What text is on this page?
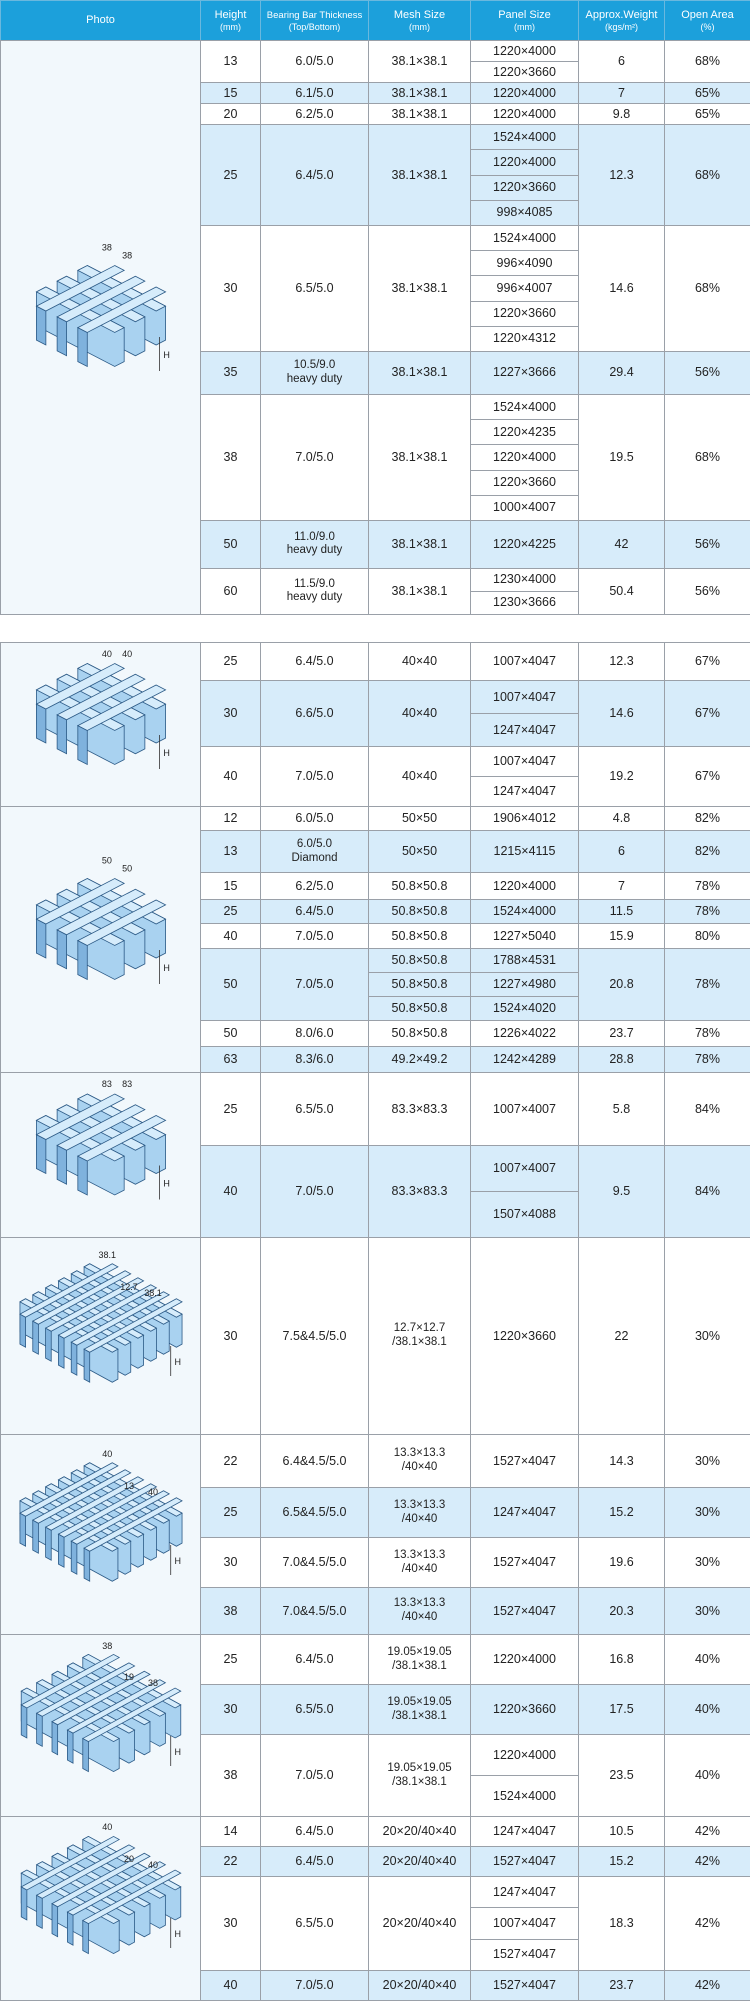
Photo	Height
(mm)
	Bearing Bar Thickness
(Top/Bottom)
	Mesh Size
(mm)
	Panel Size
(mm)
	Approx.Weight
(kgs/m²)
	Open Area
(%)
38
38
H	13	6.0/5.0	38.1×38.1	1220×4000	6	68%

				1220×3660		

	15	6.1/5.0	38.1×38.1	1220×4000	7	65%

	20	6.2/5.0	38.1×38.1	1220×4000	9.8	65%

	25	6.4/5.0	38.1×38.1	1524×4000	12.3	68%

				1220×4000		
				1220×3660		
				998×4085		

	30	6.5/5.0	38.1×38.1	1524×4000	14.6	68%

				996×4090		
				996×4007		
				1220×3660		
				1220×4312		

	35	10.5/9.0
heavy duty	38.1×38.1	1227×3666	29.4	56%

	38	7.0/5.0	38.1×38.1	1524×4000	19.5	68%

				1220×4235		
				1220×4000		
				1220×3660		
				1000×4007		

	50	11.0/9.0
heavy duty	38.1×38.1	1220×4225	42	56%

	60	11.5/9.0
heavy duty	38.1×38.1	1230×4000	50.4	56%

				1230×3666		
40 40
H	25	6.4/5.0	40×40	1007×4047	12.3	67%

	30	6.6/5.0	40×40	1007×4047	14.6	67%

				1247×4047		

	40	7.0/5.0	40×40	1007×4047	19.2	67%

				1247×4047		
50
50
H	12	6.0/5.0	50×50	1906×4012	4.8	82%

	13	6.0/5.0
Diamond	50×50	1215×4115	6	82%

	15	6.2/5.0	50.8×50.8	1220×4000	7	78%

	25	6.4/5.0	50.8×50.8	1524×4000	11.5	78%

	40	7.0/5.0	50.8×50.8	1227×5040	15.9	80%

	50	7.0/5.0	50.8×50.8	1788×4531	20.8	78%

			50.8×50.8	1227×4980		
			50.8×50.8	1524×4020		

	50	8.0/6.0	50.8×50.8	1226×4022	23.7	78%

	63	8.3/6.0	49.2×49.2	1242×4289	28.8	78%
83 83
H	25	6.5/5.0	83.3×83.3	1007×4007	5.8	84%

	40	7.0/5.0	83.3×83.3	1007×4007	9.5	84%

				1507×4088		
38.1
12.7
38.1
H

30	7.5&4.5/5.0

12.7×12.7
/38.1×38.1	1220×3660	22	30%
40
13
40
H	22	6.4&4.5/5.0	13.3×13.3
/40×40	1527×4047	14.3	30%

	25	6.5&4.5/5.0	13.3×13.3
/40×40	1247×4047	15.2	30%

	30	7.0&4.5/5.0	13.3×13.3
/40×40	1527×4047	19.6	30%

	38	7.0&4.5/5.0	13.3×13.3
/40×40	1527×4047	20.3	30%
38
19
38
H	25	6.4/5.0	19.05×19.05
/38.1×38.1	1220×4000	16.8	40%

	30	6.5/5.0	19.05×19.05
/38.1×38.1	1220×3660	17.5	40%

	38	7.0/5.0	19.05×19.05
/38.1×38.1	1220×4000	23.5	40%

				1524×4000		
40
20
40
H	14	6.4/5.0	20×20/40×40	1247×4047	10.5	42%

	22	6.4/5.0	20×20/40×40	1527×4047	15.2	42%

	30	6.5/5.0	20×20/40×40	1247×4047	18.3	42%

				1007×4047		
				1527×4047		

	40	7.0/5.0	20×20/40×40	1527×4047	23.7	42%
